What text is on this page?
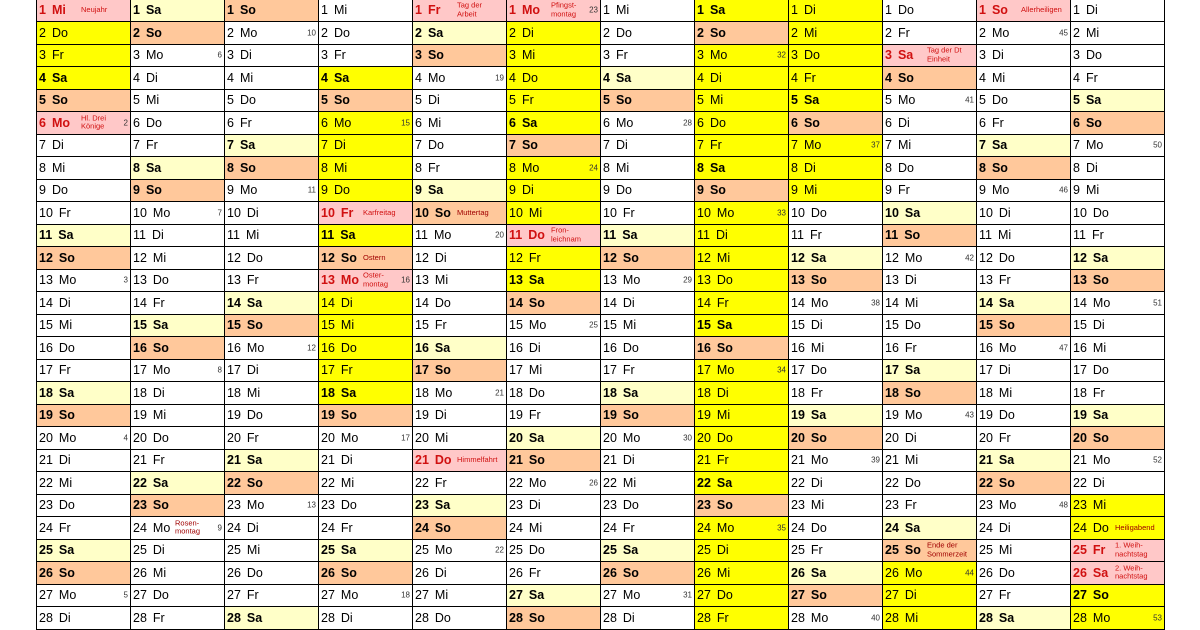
1 Mi Neujahr
2 Do
3 Fr
4 Sa
5 So
6 Mo Hl. Drei Könige	2
7 Di
8 Mi
9 Do
10 Fr
11 Sa
12 So
13 Mo	3
14 Di
15 Mi
16 Do
17 Fr
18 Sa
19 So
20 Mo	4
21 Di
22 Mi
23 Do
24 Fr
25 Sa
26 So
27 Mo	5
28 Di
1 Sa
2 So
3 Mo	6
4 Di
5 Mi
6 Do
7 Fr
8 Sa
9 So
10 Mo	7
11 Di
12 Mi
13 Do
14 Fr
15 Sa
16 So
17 Mo	8
18 Di
19 Mi
20 Do
21 Fr
22 Sa
23 So
24 Mo Rosen-montag	9
25 Di
26 Mi
27 Do
28 Fr
1 So
2 Mo	10
3 Di
4 Mi
5 Do
6 Fr
7 Sa
8 So
9 Mo	11
10 Di
11 Mi
12 Do
13 Fr
14 Sa
15 So
16 Mo	12
17 Di
18 Mi
19 Do
20 Fr
21 Sa
22 So
23 Mo	13
24 Di
25 Mi
26 Do
27 Fr
28 Sa
1 Mi
2 Do
3 Fr
4 Sa
5 So
6 Mo	15
7 Di
8 Mi
9 Do
10 Fr Karfreitag
11 Sa
12 So Ostern
13 Mo Oster-montag	16
14 Di
15 Mi
16 Do
17 Fr
18 Sa
19 So
20 Mo	17
21 Di
22 Mi
23 Do
24 Fr
25 Sa
26 So
27 Mo	18
28 Di
1 Fr Tag der Arbeit
2 Sa
3 So
4 Mo	19
5 Di
6 Mi
7 Do
8 Fr
9 Sa
10 So Muttertag
11 Mo	20
12 Di
13 Mi
14 Do
15 Fr
16 Sa
17 So
18 Mo	21
19 Di
20 Mi
21 Do Himmelfahrt
22 Fr
23 Sa
24 So
25 Mo	22
26 Di
27 Mi
28 Do
1 Mo Pfingst-montag	23
2 Di
3 Mi
4 Do
5 Fr
6 Sa
7 So
8 Mo	24
9 Di
10 Mi
11 Do Fron-leichnam
12 Fr
13 Sa
14 So
15 Mo	25
16 Di
17 Mi
18 Do
19 Fr
20 Sa
21 So
22 Mo	26
23 Di
24 Mi
25 Do
26 Fr
27 Sa
28 So
1 Mi
2 Do
3 Fr
4 Sa
5 So
6 Mo	28
7 Di
8 Mi
9 Do
10 Fr
11 Sa
12 So
13 Mo	29
14 Di
15 Mi
16 Do
17 Fr
18 Sa
19 So
20 Mo	30
21 Di
22 Mi
23 Do
24 Fr
25 Sa
26 So
27 Mo	31
28 Di
1 Sa
2 So
3 Mo	32
4 Di
5 Mi
6 Do
7 Fr
8 Sa
9 So
10 Mo	33
11 Di
12 Mi
13 Do
14 Fr
15 Sa
16 So
17 Mo	34
18 Di
19 Mi
20 Do
21 Fr
22 Sa
23 So
24 Mo	35
25 Di
26 Mi
27 Do
28 Fr
1 Di
2 Mi
3 Do
4 Fr
5 Sa
6 So
7 Mo	37
8 Di
9 Mi
10 Do
11 Fr
12 Sa
13 So
14 Mo	38
15 Di
16 Mi
17 Do
18 Fr
19 Sa
20 So
21 Mo	39
22 Di
23 Mi
24 Do
25 Fr
26 Sa
27 So
28 Mo	40
1 Do
2 Fr
3 Sa Tag der Dt Einheit
4 So
5 Mo	41
6 Di
7 Mi
8 Do
9 Fr
10 Sa
11 So
12 Mo	42
13 Di
14 Mi
15 Do
16 Fr
17 Sa
18 So
19 Mo	43
20 Di
21 Mi
22 Do
23 Fr
24 Sa
25 So Ende der Sommerzeit
26 Mo	44
27 Di
28 Mi
1 So Allerheiligen
2 Mo	45
3 Di
4 Mi
5 Do
6 Fr
7 Sa
8 So
9 Mo	46
10 Di
11 Mi
12 Do
13 Fr
14 Sa
15 So
16 Mo	47
17 Di
18 Mi
19 Do
20 Fr
21 Sa
22 So
23 Mo	48
24 Di
25 Mi
26 Do
27 Fr
28 Sa
1 Di
2 Mi
3 Do
4 Fr
5 Sa
6 So
7 Mo	50
8 Di
9 Mi
10 Do
11 Fr
12 Sa
13 So
14 Mo	51
15 Di
16 Mi
17 Do
18 Fr
19 Sa
20 So
21 Mo	52
22 Di
23 Mi
24 Do Heiligabend
25 Fr 1. Weih-nachtstag
26 Sa 2. Weih-nachtstag
27 So
28 Mo	53
